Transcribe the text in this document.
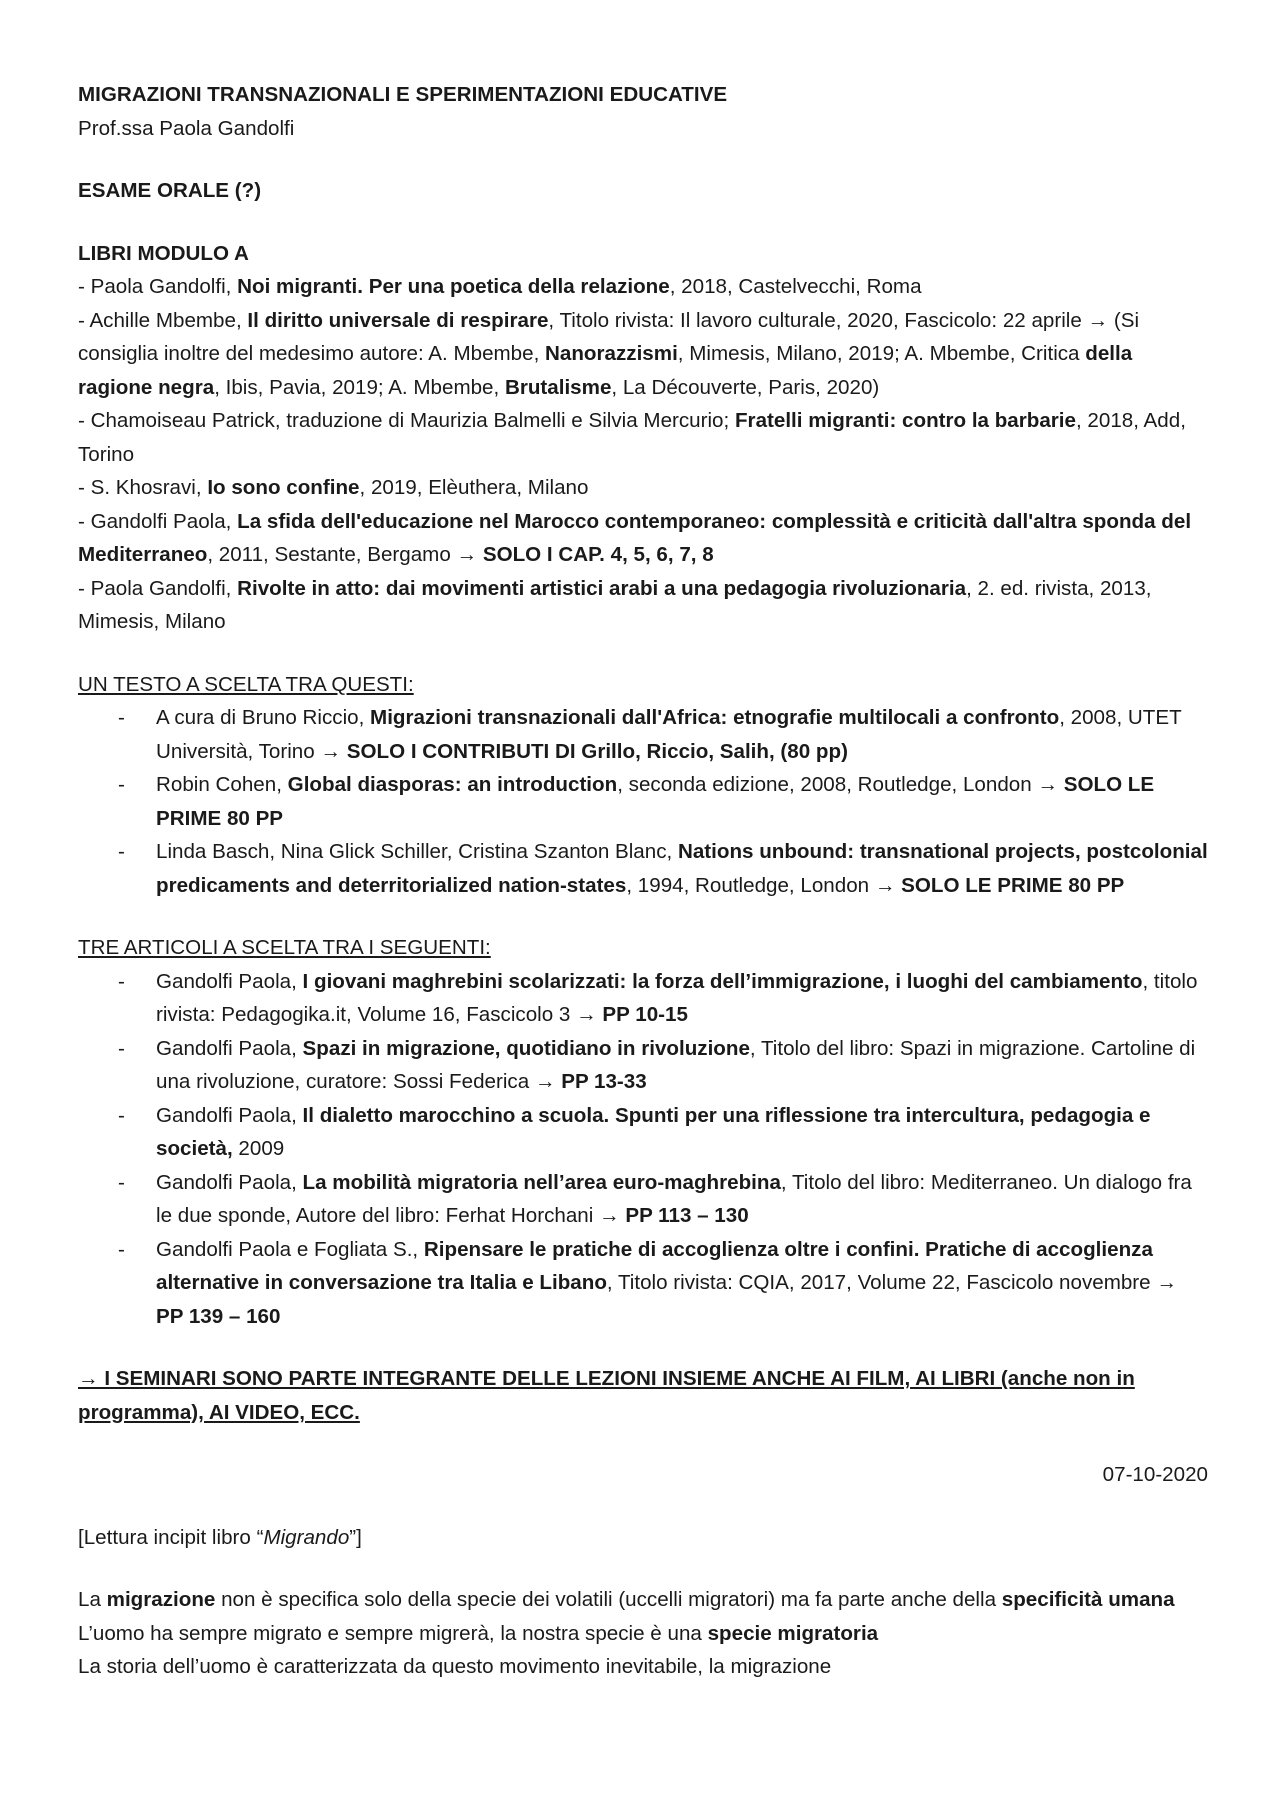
MIGRAZIONI TRANSNAZIONALI E SPERIMENTAZIONI EDUCATIVE

Prof.ssa Paola Gandolfi

ESAME ORALE (?)

LIBRI MODULO A

- Paola Gandolfi, Noi migranti. Per una poetica della relazione, 2018, Castelvecchi, Roma

- Achille Mbembe, Il diritto universale di respirare, Titolo rivista: Il lavoro culturale, 2020, Fascicolo: 22 aprile → (Si consiglia inoltre del medesimo autore: A. Mbembe, Nanorazzismi, Mimesis, Milano, 2019; A. Mbembe, Critica della ragione negra, Ibis, Pavia, 2019; A. Mbembe, Brutalisme, La Découverte, Paris, 2020)

- Chamoiseau Patrick, traduzione di Maurizia Balmelli e Silvia Mercurio; Fratelli migranti: contro la barbarie, 2018, Add, Torino

- S. Khosravi, Io sono confine, 2019, Elèuthera, Milano

- Gandolfi Paola, La sfida dell'educazione nel Marocco contemporaneo: complessità e criticità dall'altra sponda del Mediterraneo, 2011, Sestante, Bergamo → SOLO I CAP. 4, 5, 6, 7, 8

- Paola Gandolfi, Rivolte in atto: dai movimenti artistici arabi a una pedagogia rivoluzionaria, 2. ed. rivista, 2013, Mimesis, Milano

UN TESTO A SCELTA TRA QUESTI:

- A cura di Bruno Riccio, Migrazioni transnazionali dall'Africa: etnografie multilocali a confronto, 2008, UTET Università, Torino → SOLO I CONTRIBUTI DI Grillo, Riccio, Salih, (80 pp)
- Robin Cohen, Global diasporas: an introduction, seconda edizione, 2008, Routledge, London → SOLO LE PRIME 80 PP
- Linda Basch, Nina Glick Schiller, Cristina Szanton Blanc, Nations unbound: transnational projects, postcolonial predicaments and deterritorialized nation-states, 1994, Routledge, London → SOLO LE PRIME 80 PP

TRE ARTICOLI A SCELTA TRA I SEGUENTI:

- Gandolfi Paola, I giovani maghrebini scolarizzati: la forza dell’immigrazione, i luoghi del cambiamento, titolo rivista: Pedagogika.it, Volume 16, Fascicolo 3 → PP 10-15
- Gandolfi Paola, Spazi in migrazione, quotidiano in rivoluzione, Titolo del libro: Spazi in migrazione. Cartoline di una rivoluzione, curatore: Sossi Federica → PP 13-33
- Gandolfi Paola, Il dialetto marocchino a scuola. Spunti per una riflessione tra intercultura, pedagogia e società, 2009
- Gandolfi Paola, La mobilità migratoria nell’area euro-maghrebina, Titolo del libro: Mediterraneo. Un dialogo fra le due sponde, Autore del libro: Ferhat Horchani → PP 113 – 130
- Gandolfi Paola e Fogliata S., Ripensare le pratiche di accoglienza oltre i confini. Pratiche di accoglienza alternative in conversazione tra Italia e Libano, Titolo rivista: CQIA, 2017, Volume 22, Fascicolo novembre → PP 139 – 160

→ I SEMINARI SONO PARTE INTEGRANTE DELLE LEZIONI INSIEME ANCHE AI FILM, AI LIBRI (anche non in programma), AI VIDEO, ECC.

07-10-2020

[Lettura incipit libro “Migrando”]

La migrazione non è specifica solo della specie dei volatili (uccelli migratori) ma fa parte anche della specificità umana

L’uomo ha sempre migrato e sempre migrerà, la nostra specie è una specie migratoria

La storia dell’uomo è caratterizzata da questo movimento inevitabile, la migrazione
